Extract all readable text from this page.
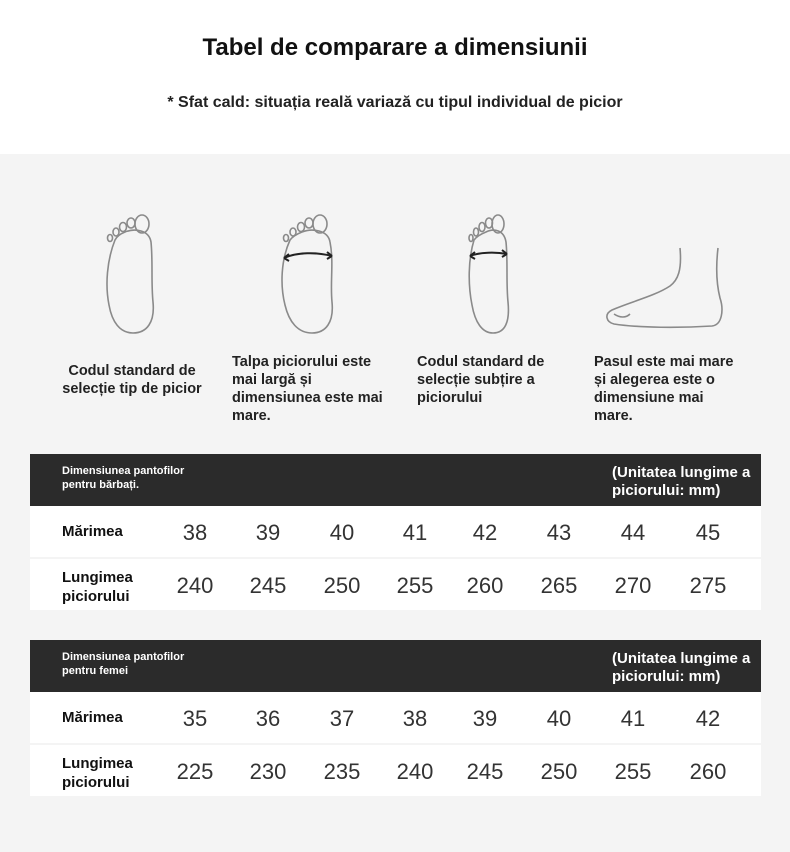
Tabel de comparare a dimensiunii
* Sfat cald: situația reală variază cu tipul individual de picior
Codul standard de selecție tip de picior
Talpa piciorului este mai largă și dimensiunea este mai mare.
Codul standard de selecție subțire a piciorului
Pasul este mai mare și alegerea este o dimensiune mai mare.
Dimensiunea pantofilor pentru bărbați.
(Unitatea lungime a piciorului: mm)
Mărimea	38	39	40	41	42	43	44	45
Lungimea piciorului	240	245	250	255	260	265	270	275
Dimensiunea pantofilor pentru femei
(Unitatea lungime a piciorului: mm)
Mărimea	35	36	37	38	39	40	41	42
Lungimea piciorului	225	230	235	240	245	250	255	260
